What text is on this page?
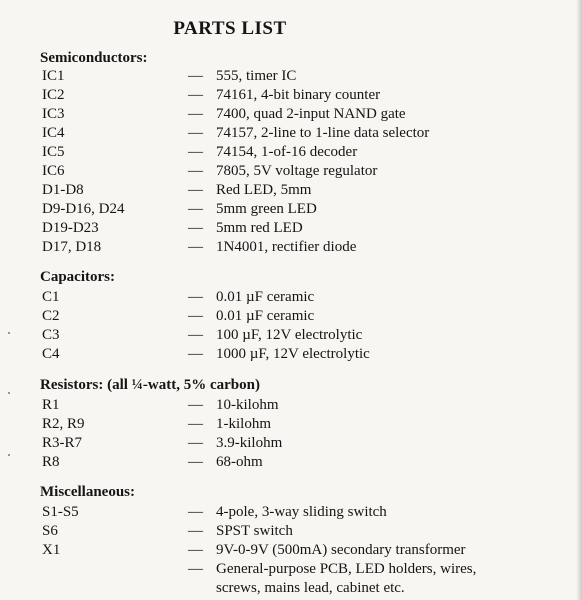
PARTS LIST
Semiconductors:
IC1	— 555, timer IC
IC2	— 74161, 4-bit binary counter
IC3	— 7400, quad 2-input NAND gate
IC4	— 74157, 2-line to 1-line data selector
IC5	— 74154, 1-of-16 decoder
IC6	— 7805, 5V voltage regulator
D1-D8	— Red LED, 5mm
D9-D16, D24	— 5mm green LED
D19-D23	— 5mm red LED
D17, D18	— 1N4001, rectifier diode
Capacitors:
C1	— 0.01 µF ceramic
C2	— 0.01 µF ceramic
C3	— 100 µF, 12V electrolytic
C4	— 1000 µF, 12V electrolytic
Resistors: (all ¼-watt, 5% carbon)
R1	— 10-kilohm
R2, R9	— 1-kilohm
R3-R7	— 3.9-kilohm
R8	— 68-ohm
Miscellaneous:
S1-S5	— 4-pole, 3-way sliding switch
S6	— SPST switch
X1	— 9V-0-9V (500mA) secondary transformer
— General-purpose PCB, LED holders, wires,
screws, mains lead, cabinet etc.
